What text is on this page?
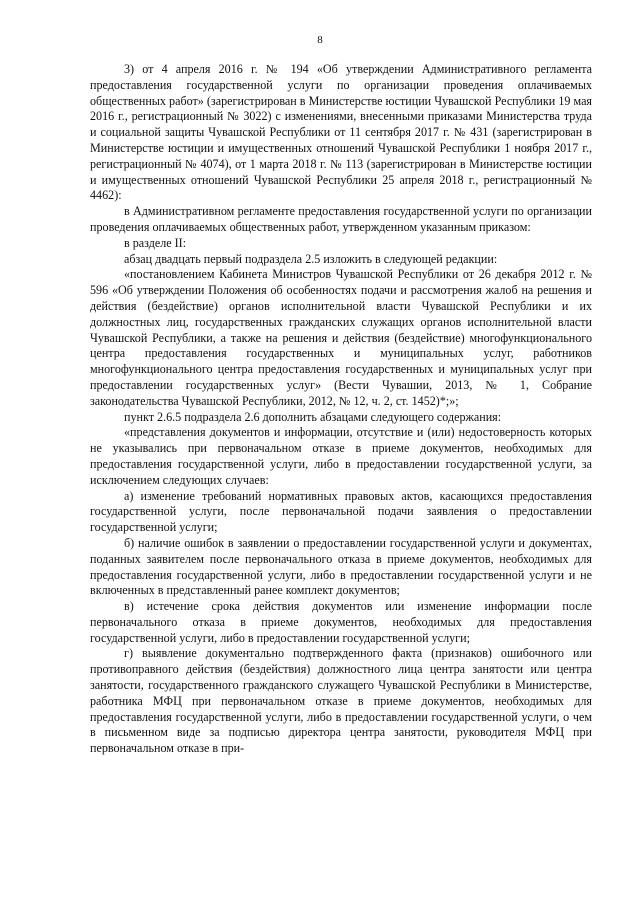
8

3) от 4 апреля 2016 г. № 194 «Об утверждении Административного регламента предоставления государственной услуги по организации проведения оплачиваемых общественных работ» (зарегистрирован в Министерстве юстиции Чувашской Республики 19 мая 2016 г., регистрационный № 3022) с изменениями, внесенными приказами Министерства труда и социальной защиты Чувашской Республики от 11 сентября 2017 г. № 431 (зарегистрирован в Министерстве юстиции и имущественных отношений Чувашской Республики 1 ноября 2017 г., регистрационный № 4074), от 1 марта 2018 г. № 113 (зарегистрирован в Министерстве юстиции и имущественных отношений Чувашской Республики 25 апреля 2018 г., регистрационный № 4462):

в Административном регламенте предоставления государственной услуги по организации проведения оплачиваемых общественных работ, утвержденном указанным приказом:

в разделе II:

абзац двадцать первый подраздела 2.5 изложить в следующей редакции:

«постановлением Кабинета Министров Чувашской Республики от 26 декабря 2012 г. № 596 «Об утверждении Положения об особенностях подачи и рассмотрения жалоб на решения и действия (бездействие) органов исполнительной власти Чувашской Республики и их должностных лиц, государственных гражданских служащих органов исполнительной власти Чувашской Республики, а также на решения и действия (бездействие) многофункционального центра предоставления государственных и муниципальных услуг, работников многофункционального центра предоставления государственных и муниципальных услуг при предоставлении государственных услуг» (Вести Чувашии, 2013, № 1, Собрание законодательства Чувашской Республики, 2012, № 12, ч. 2, ст. 1452)*;»;

пункт 2.6.5 подраздела 2.6 дополнить абзацами следующего содержания:

«представления документов и информации, отсутствие и (или) недостоверность которых не указывались при первоначальном отказе в приеме документов, необходимых для предоставления государственной услуги, либо в предоставлении государственной услуги, за исключением следующих случаев:

а) изменение требований нормативных правовых актов, касающихся предоставления государственной услуги, после первоначальной подачи заявления о предоставлении государственной услуги;

б) наличие ошибок в заявлении о предоставлении государственной услуги и документах, поданных заявителем после первоначального отказа в приеме документов, необходимых для предоставления государственной услуги, либо в предоставлении государственной услуги и не включенных в представленный ранее комплект документов;

в) истечение срока действия документов или изменение информации после первоначального отказа в приеме документов, необходимых для предоставления государственной услуги, либо в предоставлении государственной услуги;

г) выявление документально подтвержденного факта (признаков) ошибочного или противоправного действия (бездействия) должностного лица центра занятости или центра занятости, государственного гражданского служащего Чувашской Республики в Министерстве, работника МФЦ при первоначальном отказе в приеме документов, необходимых для предоставления государственной услуги, либо в предоставлении государственной услуги, о чем в письменном виде за подписью директора центра занятости, руководителя МФЦ при первоначальном отказе в при-
